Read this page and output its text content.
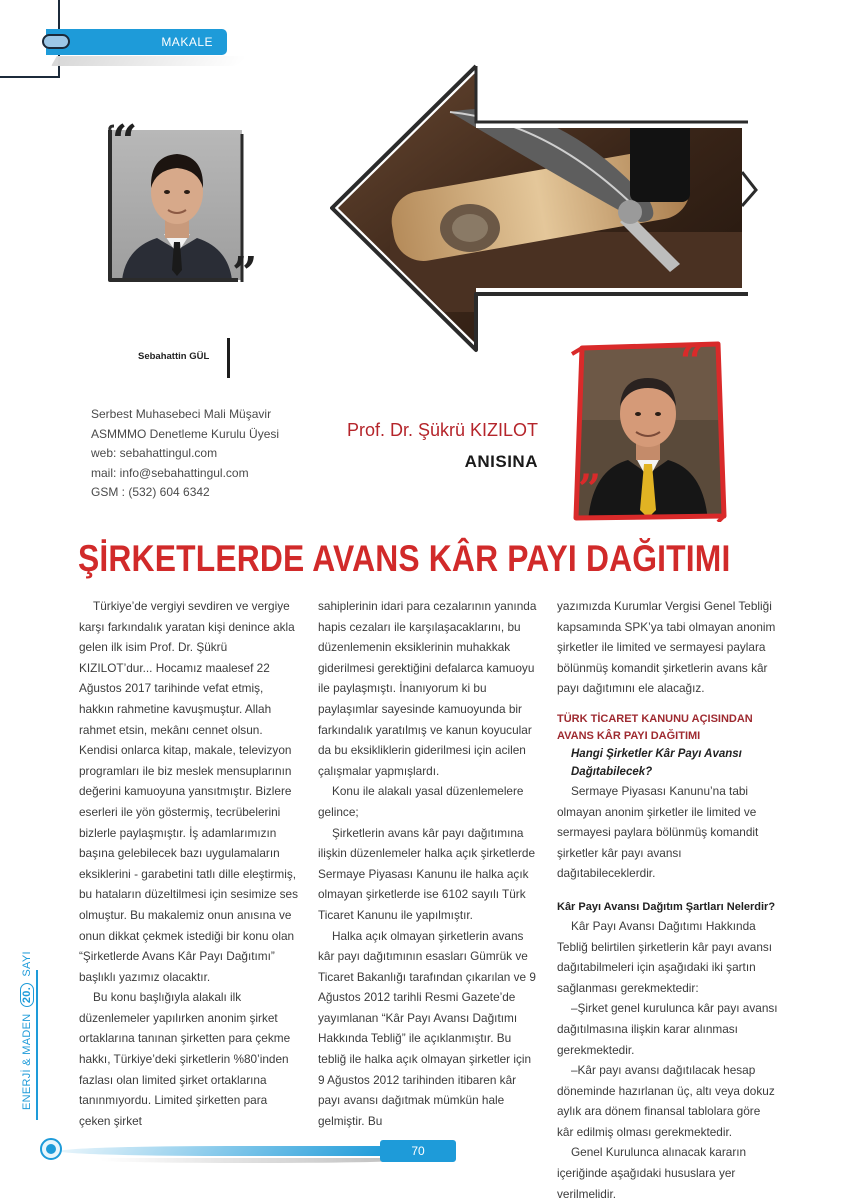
MAKALE
“
”
Sebahattin GÜL
Serbest Muhasebeci Mali Müşavir
ASMMMO Denetleme Kurulu Üyesi
web: sebahattingul.com
mail: info@sebahattingul.com
GSM : (532) 604 6342
Prof. Dr. Şükrü KIZILOT
ANISINA
“
”
ŞİRKETLERDE AVANS KÂR PAYI DAĞITIMI

Türkiye’de vergiyi sevdiren ve vergiye karşı farkındalık yaratan kişi denince akla gelen ilk isim Prof. Dr. Şükrü KIZILOT’dur... Hocamız maalesef 22 Ağustos 2017 tarihinde vefat etmiş, hakkın rahmetine kavuşmuştur. Allah rahmet etsin, mekânı cennet olsun. Kendisi onlarca kitap, makale, televizyon programları ile biz meslek mensuplarının değerini kamuoyuna yansıtmıştır. Bizlere eserleri ile yön göstermiş, tecrübelerini bizlerle paylaşmıştır. İş adamlarımızın başına gelebilecek bazı uygulamaların eksiklerini - garabetini tatlı dille eleştirmiş, bu hataların düzeltilmesi için sesimize ses olmuştur. Bu makalemiz onun anısına ve onun dikkat çekmek istediği bir konu olan “Şirketlerde Avans Kâr Payı Dağıtımı” başlıklı yazımız olacaktır.

Bu konu başlığıyla alakalı ilk düzenlemeler yapılırken anonim şirket ortaklarına tanınan şirketten para çekme hakkı, Türkiye’deki şirketlerin %80’inden fazlası olan limited şirket ortaklarına tanınmıyordu. Limited şirketten para çeken şirket

sahiplerinin idari para cezalarının yanında hapis cezaları ile karşılaşacaklarını, bu düzenlemenin eksiklerinin muhakkak giderilmesi gerektiğini defalarca kamuoyu ile paylaşmıştı. İnanıyorum ki bu paylaşımlar sayesinde kamuoyunda bir farkındalık yaratılmış ve kanun koyucular da bu eksikliklerin giderilmesi için acilen çalışmalar yapmışlardı.

Konu ile alakalı yasal düzenlemelere gelince;

Şirketlerin avans kâr payı dağıtımına ilişkin düzenlemeler halka açık şirketlerde Sermaye Piyasası Kanunu ile halka açık olmayan şirketlerde ise 6102 sayılı Türk Ticaret Kanunu ile yapılmıştır.

Halka açık olmayan şirketlerin avans kâr payı dağıtımının esasları Gümrük ve Ticaret Bakanlığı tarafından çıkarılan ve 9 Ağustos 2012 tarihli Resmi Gazete’de yayımlanan “Kâr Payı Avansı Dağıtımı Hakkında Tebliğ” ile açıklanmıştır. Bu tebliğ ile halka açık olmayan şirketler için 9 Ağustos 2012 tarihinden itibaren kâr payı avansı dağıtmak mümkün hale gelmiştir. Bu

yazımızda Kurumlar Vergisi Genel Tebliği kapsamında SPK’ya tabi olmayan anonim şirketler ile limited ve sermayesi paylara bölünmüş komandit şirketlerin avans kâr payı dağıtımını ele alacağız.

TÜRK TİCARET KANUNU AÇISINDAN AVANS KÂR PAYI DAĞITIMI
Hangi Şirketler Kâr Payı Avansı Dağıtabilecek?

Sermaye Piyasası Kanunu’na tabi olmayan anonim şirketler ile limited ve sermayesi paylara bölünmüş komandit şirketler kâr payı avansı dağıtabileceklerdir.

Kâr Payı Avansı Dağıtım Şartları Nelerdir?

Kâr Payı Avansı Dağıtımı Hakkında Tebliğ belirtilen şirketlerin kâr payı avansı dağıtabilmeleri için aşağıdaki iki şartın sağlanması gerekmektedir:

–Şirket genel kurulunca kâr payı avansı dağıtılmasına ilişkin karar alınması gerekmektedir.

–Kâr payı avansı dağıtılacak hesap döneminde hazırlanan üç, altı veya dokuz aylık ara dönem finansal tablolara göre kâr edilmiş olması gerekmektedir.

Genel Kurulunca alınacak kararın içeriğinde aşağıdaki hususlara yer verilmelidir.

ENERJİ & MADEN 20. SAYI
70
